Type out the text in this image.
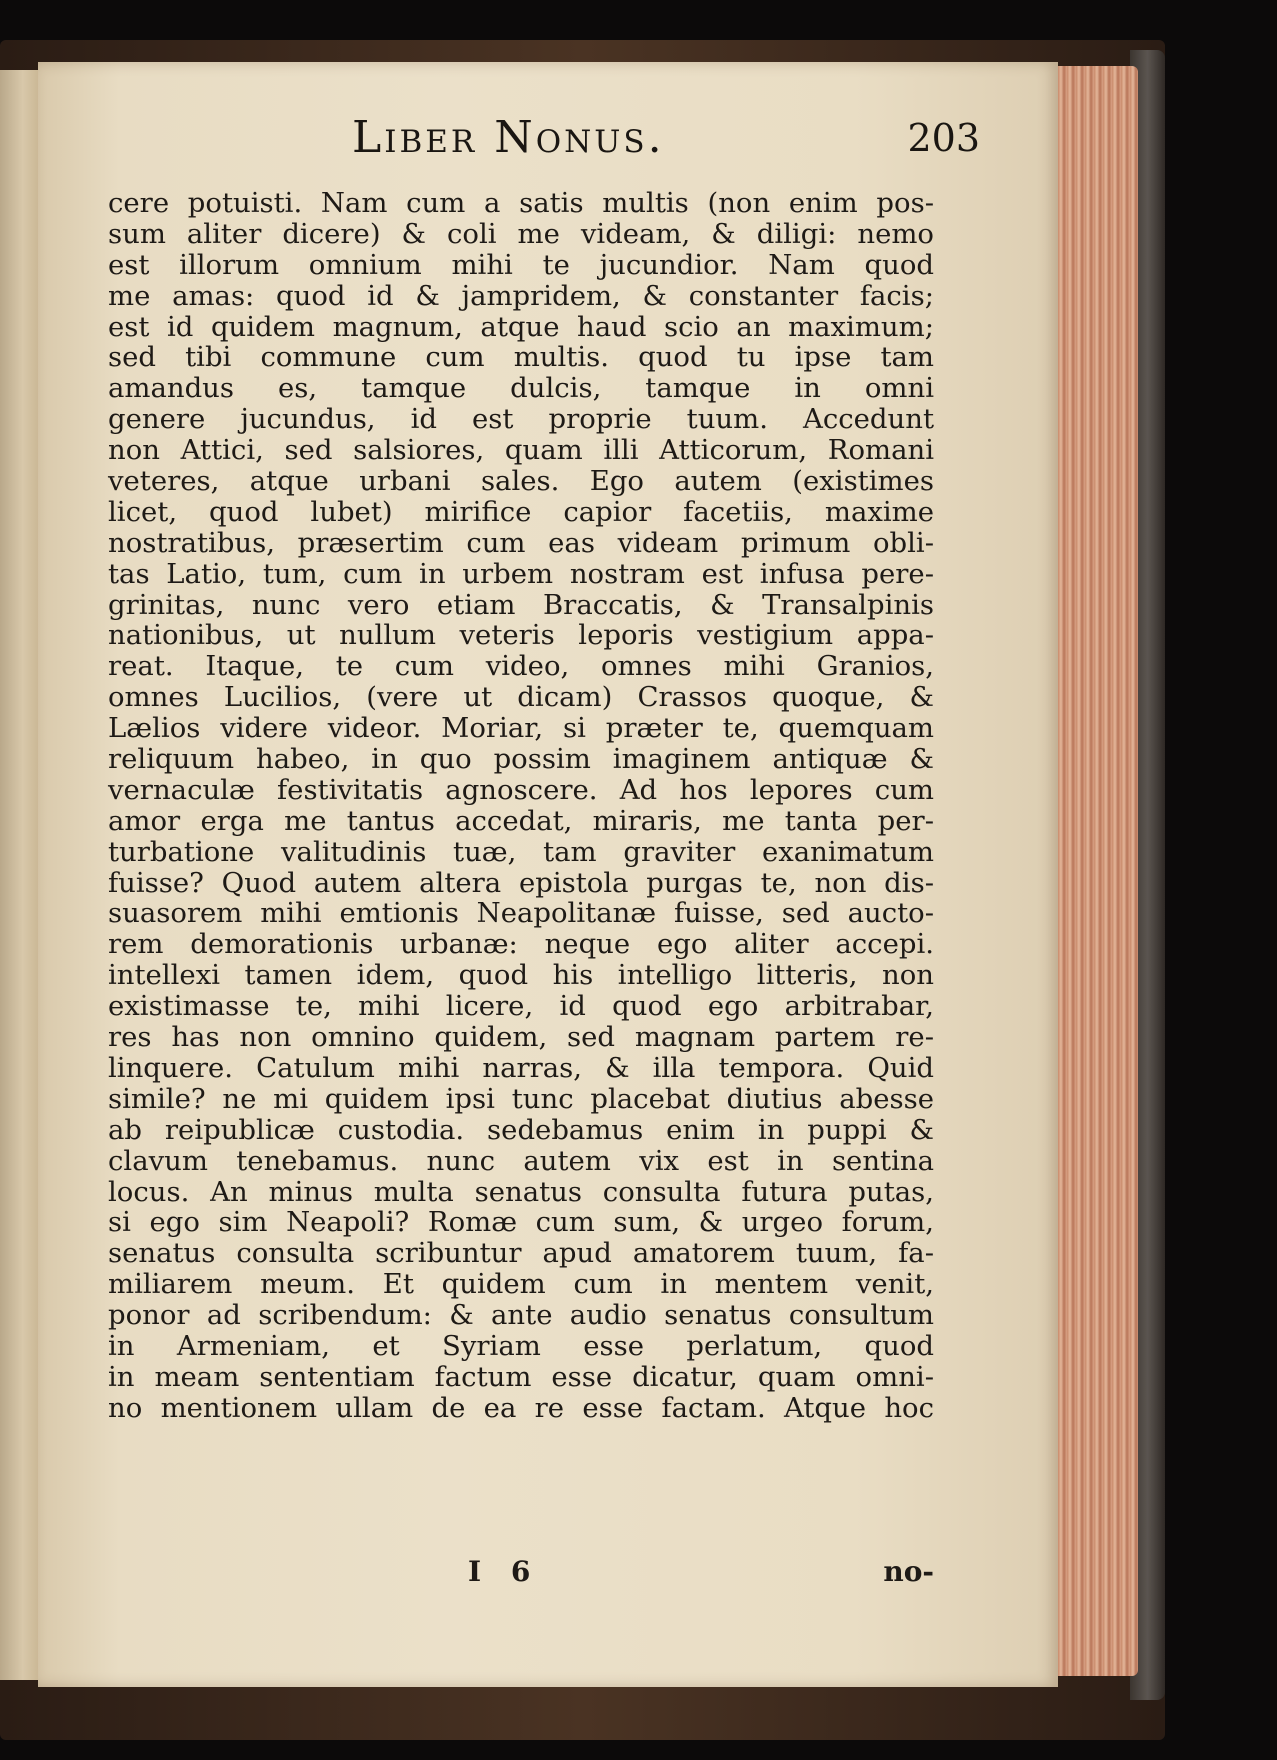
Liber Nonus.	203
cere potuisti. Nam cum a satis multis (non enim pos-
sum aliter dicere) & coli me videam, & diligi: nemo
est illorum omnium mihi te jucundior. Nam quod
me amas: quod id & jampridem, & constanter facis;
est id quidem magnum, atque haud scio an maximum;
sed tibi commune cum multis. quod tu ipse tam
amandus es, tamque dulcis, tamque in omni
genere jucundus, id est proprie tuum. Accedunt
non Attici, sed salsiores, quam illi Atticorum, Romani
veteres, atque urbani sales. Ego autem (existimes
licet, quod lubet) mirifice capior facetiis, maxime
nostratibus, præsertim cum eas videam primum obli-
tas Latio, tum, cum in urbem nostram est infusa pere-
grinitas, nunc vero etiam Braccatis, & Transalpinis
nationibus, ut nullum veteris leporis vestigium appa-
reat. Itaque, te cum video, omnes mihi Granios,
omnes Lucilios, (vere ut dicam) Crassos quoque, &
Lælios videre videor. Moriar, si præter te, quemquam
reliquum habeo, in quo possim imaginem antiquæ &
vernaculæ festivitatis agnoscere. Ad hos lepores cum
amor erga me tantus accedat, miraris, me tanta per-
turbatione valitudinis tuæ, tam graviter exanimatum
fuisse? Quod autem altera epistola purgas te, non dis-
suasorem mihi emtionis Neapolitanæ fuisse, sed aucto-
rem demorationis urbanæ: neque ego aliter accepi.
intellexi tamen idem, quod his intelligo litteris, non
existimasse te, mihi licere, id quod ego arbitrabar,
res has non omnino quidem, sed magnam partem re-
linquere. Catulum mihi narras, & illa tempora. Quid
simile? ne mi quidem ipsi tunc placebat diutius abesse
ab reipublicæ custodia. sedebamus enim in puppi &
clavum tenebamus. nunc autem vix est in sentina
locus. An minus multa senatus consulta futura putas,
si ego sim Neapoli? Romæ cum sum, & urgeo forum,
senatus consulta scribuntur apud amatorem tuum, fa-
miliarem meum. Et quidem cum in mentem venit,
ponor ad scribendum: & ante audio senatus consultum
in Armeniam, et Syriam esse perlatum, quod
in meam sententiam factum esse dicatur, quam omni-
no mentionem ullam de ea re esse factam. Atque hoc
I 6	no-
